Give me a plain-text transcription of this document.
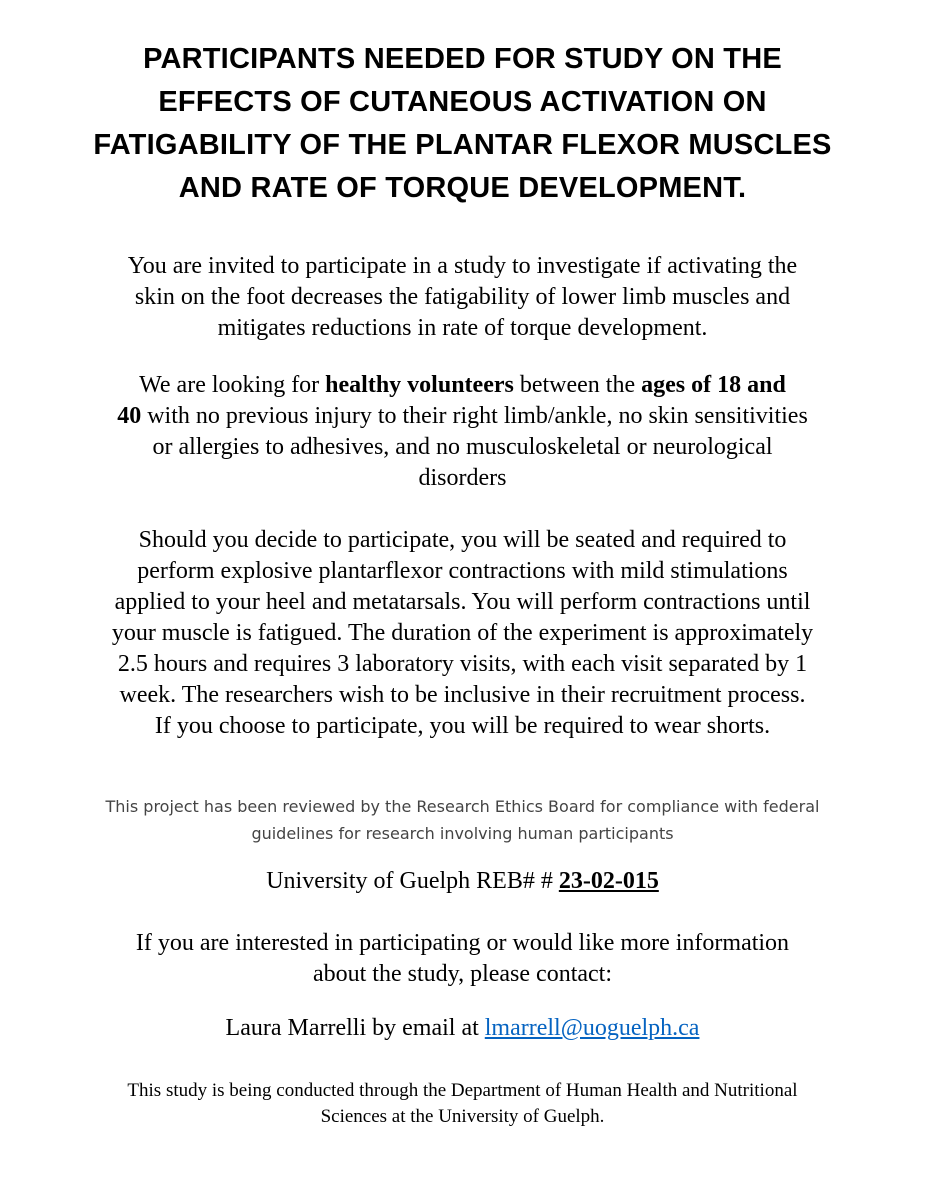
PARTICIPANTS NEEDED FOR STUDY ON THE
EFFECTS OF CUTANEOUS ACTIVATION ON
FATIGABILITY OF THE PLANTAR FLEXOR MUSCLES
AND RATE OF TORQUE DEVELOPMENT.

You are invited to participate in a study to investigate if activating the
skin on the foot decreases the fatigability of lower limb muscles and
mitigates reductions in rate of torque development.

We are looking for healthy volunteers between the ages of 18 and
40 with no previous injury to their right limb/ankle, no skin sensitivities
or allergies to adhesives, and no musculoskeletal or neurological
disorders

Should you decide to participate, you will be seated and required to
perform explosive plantarflexor contractions with mild stimulations
applied to your heel and metatarsals. You will perform contractions until
your muscle is fatigued. The duration of the experiment is approximately
2.5 hours and requires 3 laboratory visits, with each visit separated by 1
week. The researchers wish to be inclusive in their recruitment process.
If you choose to participate, you will be required to wear shorts.

This project has been reviewed by the Research Ethics Board for compliance with federal
guidelines for research involving human participants

University of Guelph REB# # 23-02-015

If you are interested in participating or would like more information
about the study, please contact:

Laura Marrelli by email at lmarrell@uoguelph.ca

This study is being conducted through the Department of Human Health and Nutritional
Sciences at the University of Guelph.
